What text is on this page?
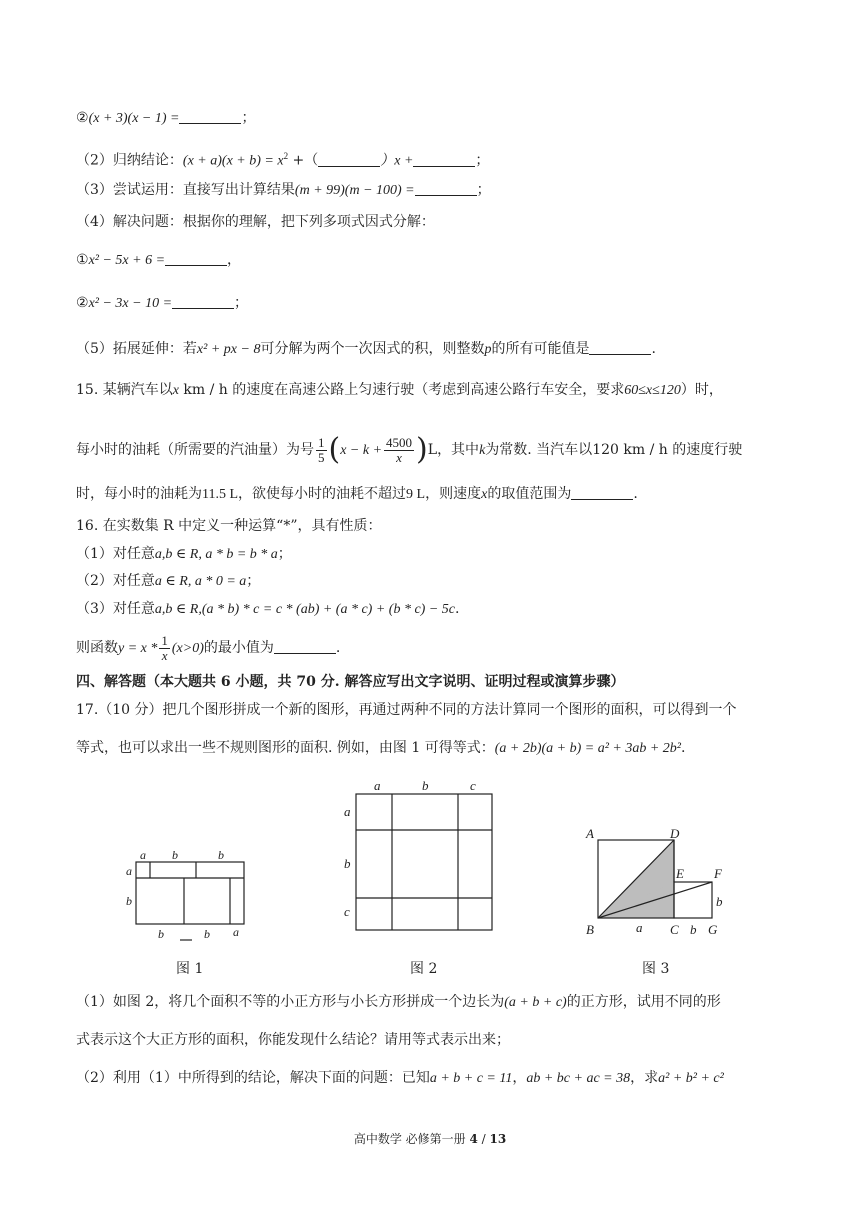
②(x + 3)(x − 1) =	；
（2）归纳结论：$(x + a)(x + b) = x^2$ +（	）x +	；
（3）尝试运用：直接写出计算结果(m + 99)(m − 100) =	；
（4）解决问题：根据你的理解，把下列多项式因式分解：
①x² − 5x + 6 =	，
②x² − 3x − 10 =	；
（5）拓展延伸：若x² + px − 8可分解为两个一次因式的积，则整数p的所有可能值是	.
15. 某辆汽车以x km / h 的速度在高速公路上匀速行驶（考虑到高速公路行车安全，要求60≤x≤120）时，
每小时的油耗（所需要的汽油量）为号 $\frac{1}{5} (x - k + \frac{4500}{x} )L$，其中k为常数. 当汽车以120 km / h 的速度行驶
时，每小时的油耗为11.5 L，欲使每小时的油耗不超过9 L，则速度x的取值范围为	.
16. 在实数集 R 中定义一种运算“*”，具有性质：
（1）对任意a,b ∈ R, a * b = b * a；
（2）对任意a ∈ R, a * 0 = a；
（3）对任意a,b ∈ R,(a * b) * c = c * (ab) + (a * c) + (b * c) − 5c.
则函数$y = x * \frac{1}{x} (x>0)$的最小值为	.
四、解答题（本大题共 6 小题，共 70 分. 解答应写出文字说明、证明过程或演算步骤）
17.（10 分）把几个图形拼成一个新的图形，再通过两种不同的方法计算同一个图形的面积，可以得到一个
等式，也可以求出一些不规则图形的面积. 例如，由图 1 可得等式：(a + 2b)(a + b) = a² + 3ab + 2b².
a b	b
a
b
b	b a
图 1
a	b	c
a
b
c
图 2
A	D
E F
B	a C b G
b
图 3
（1）如图 2，将几个面积不等的小正方形与小长方形拼成一个边长为(a + b + c)的正方形，试用不同的形
式表示这个大正方形的面积，你能发现什么结论？请用等式表示出来；
（2）利用（1）中所得到的结论，解决下面的问题：已知a + b + c = 11，ab + bc + ac = 38，求a² + b² + c²
高中数学 必修第一册 4 / 13
